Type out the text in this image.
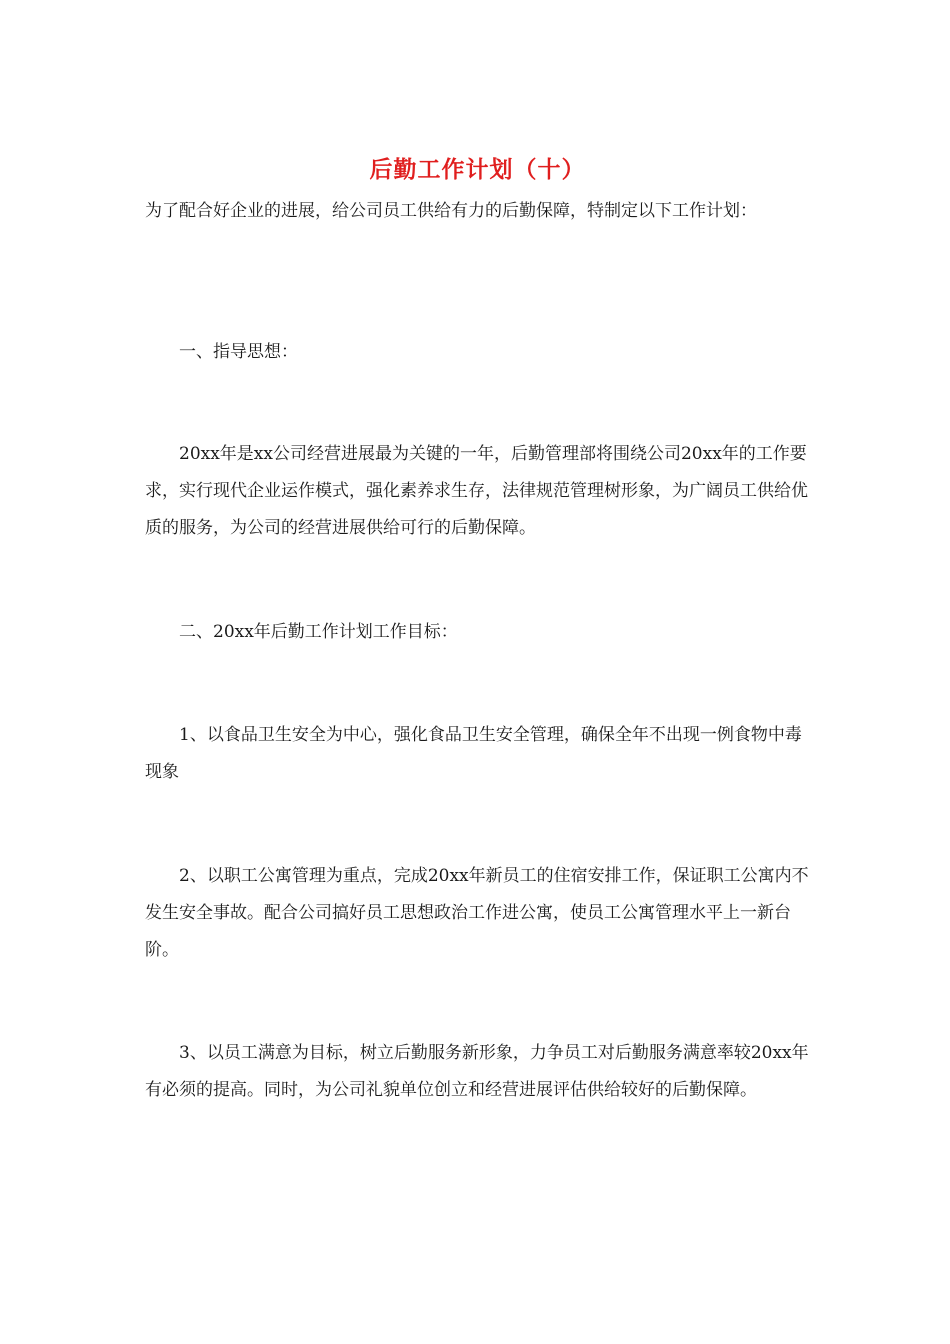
后勤工作计划（十）

为了配合好企业的进展，给公司员工供给有力的后勤保障，特制定以下工作计划：

一、指导思想：

20xx年是xx公司经营进展最为关键的一年，后勤管理部将围绕公司20xx年的工作要求，实行现代企业运作模式，强化素养求生存，法律规范管理树形象，为广阔员工供给优质的服务，为公司的经营进展供给可行的后勤保障。

二、20xx年后勤工作计划工作目标：

1、以食品卫生安全为中心，强化食品卫生安全管理，确保全年不出现一例食物中毒现象

2、以职工公寓管理为重点，完成20xx年新员工的住宿安排工作，保证职工公寓内不发生安全事故。配合公司搞好员工思想政治工作进公寓，使员工公寓管理水平上一新台阶。

3、以员工满意为目标，树立后勤服务新形象，力争员工对后勤服务满意率较20xx年有必须的提高。同时，为公司礼貌单位创立和经营进展评估供给较好的后勤保障。
